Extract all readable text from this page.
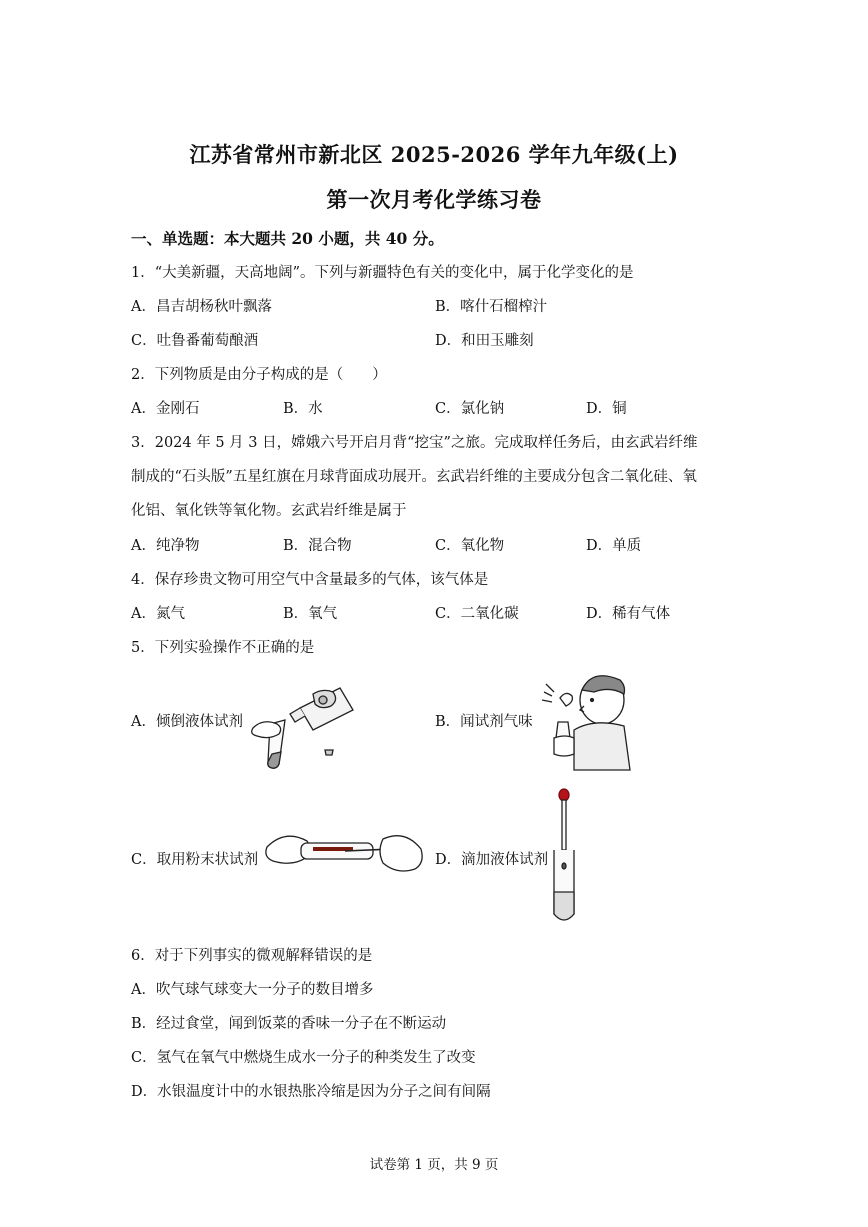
江苏省常州市新北区 2025-2026 学年九年级(上)
第一次月考化学练习卷
一、单选题：本大题共 20 小题，共 40 分。
1．“大美新疆，天高地阔”。下列与新疆特色有关的变化中，属于化学变化的是
A．昌吉胡杨秋叶飘落	B．喀什石榴榨汁
C．吐鲁番葡萄酿酒	D．和田玉雕刻
2．下列物质是由分子构成的是（　　）
A．金刚石	B．水	C．氯化钠	D．铜
3．2024 年 5 月 3 日，嫦娥六号开启月背“挖宝”之旅。完成取样任务后，由玄武岩纤维
制成的“石头版”五星红旗在月球背面成功展开。玄武岩纤维的主要成分包含二氧化硅、氧
化铝、氧化铁等氧化物。玄武岩纤维是属于
A．纯净物	B．混合物	C．氧化物	D．单质
4．保存珍贵文物可用空气中含量最多的气体，该气体是
A．氮气	B．氧气	C．二氧化碳	D．稀有气体
5．下列实验操作不正确的是
A．倾倒液体试剂	B．闻试剂气味
C．取用粉末状试剂	D．滴加液体试剂
6．对于下列事实的微观解释错误的是
A．吹气球气球变大一分子的数目增多
B．经过食堂，闻到饭菜的香味一分子在不断运动
C．氢气在氧气中燃烧生成水一分子的种类发生了改变
D．水银温度计中的水银热胀冷缩是因为分子之间有间隔
试卷第 1 页，共 9 页
